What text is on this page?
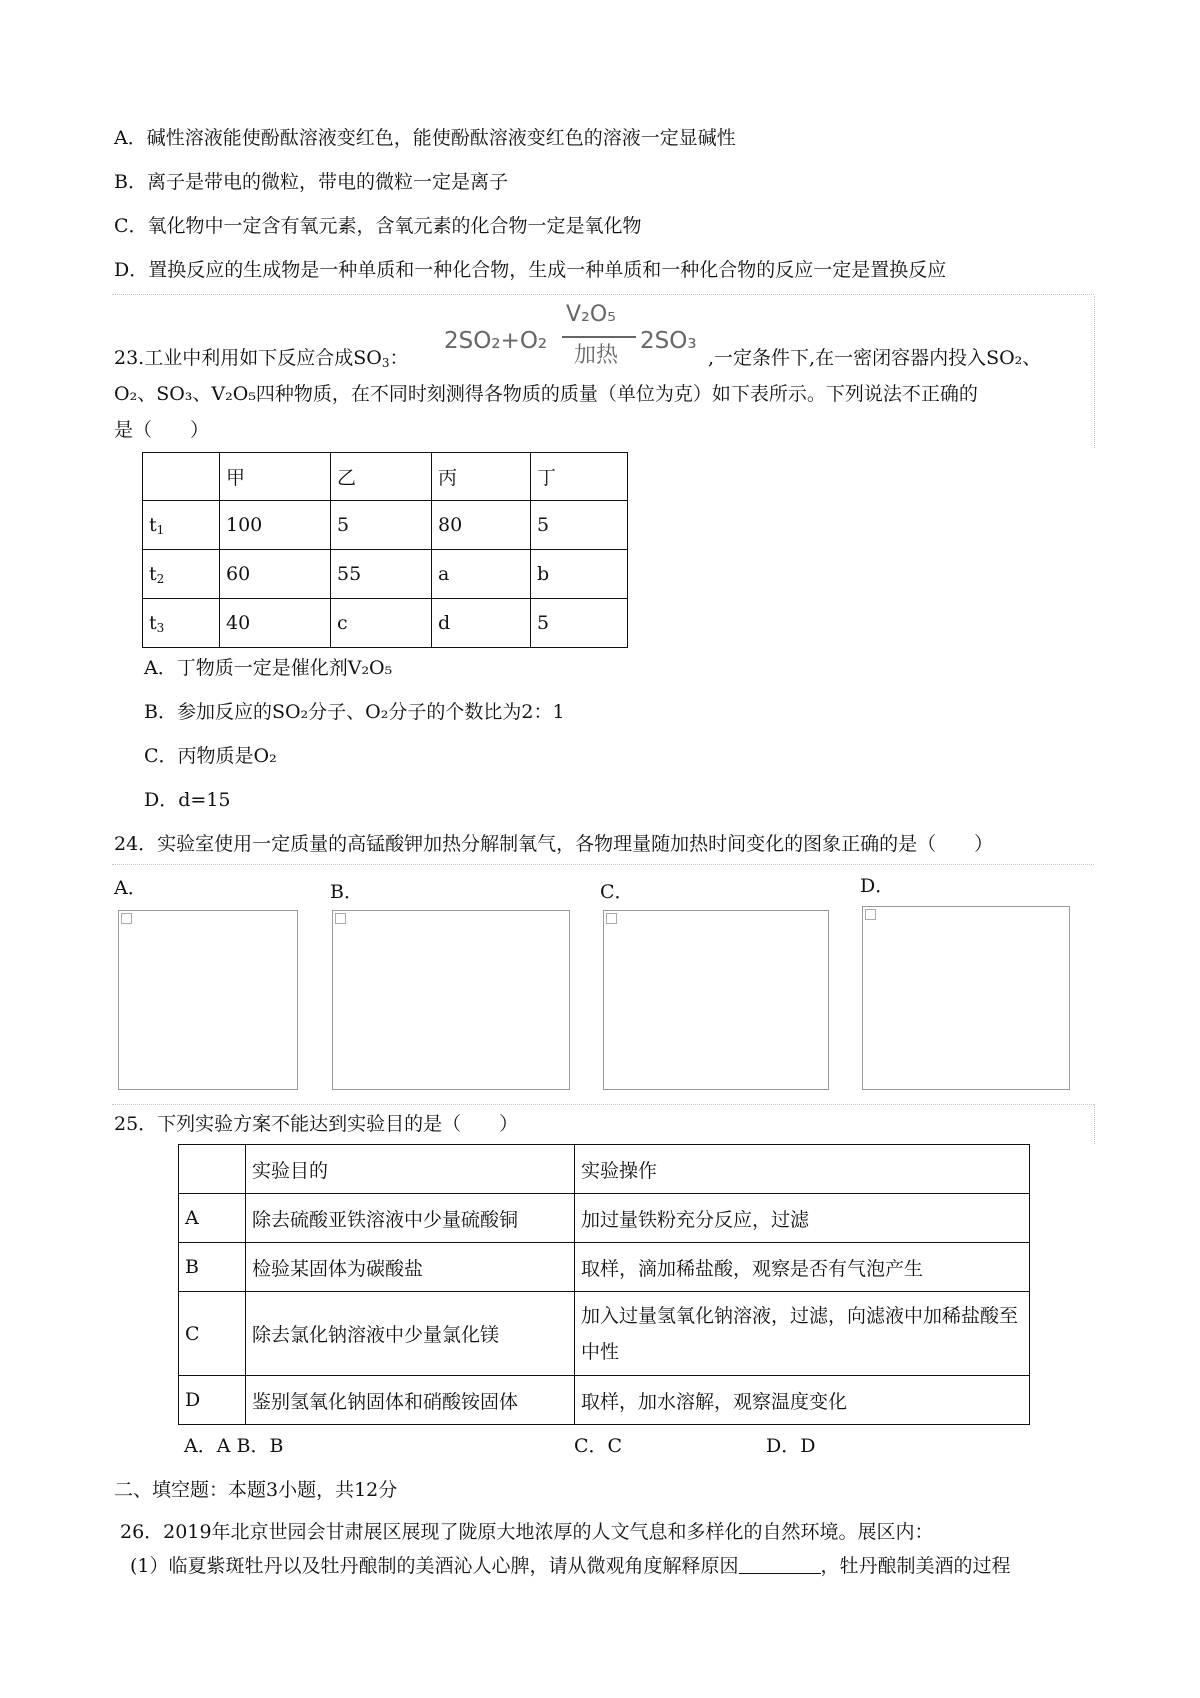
A．碱性溶液能使酚酞溶液变红色，能使酚酞溶液变红色的溶液一定显碱性
B．离子是带电的微粒，带电的微粒一定是离子
C．氧化物中一定含有氧元素，含氧元素的化合物一定是氧化物
D．置换反应的生成物是一种单质和一种化合物，生成一种单质和一种化合物的反应一定是置换反应
23.工业中利用如下反应合成$SO_3$：
2SO₂+O₂
V₂O₅
加热
2SO₃
,一定条件下,在一密闭容器内投入SO₂、
O₂、SO₃、V₂O₅四种物质，在不同时刻测得各物质的质量（单位为克）如下表所示。下列说法不正确的
是（　　）
	甲	乙	丙	丁
$t_1$	100	5	80	5
$t_2$	60	55	a	b
$t_3$	40	c	d	5
A．丁物质一定是催化剂V₂O₅
B．参加反应的SO₂分子、O₂分子的个数比为2：1
C．丙物质是O₂
D．d=15
24．实验室使用一定质量的高锰酸钾加热分解制氧气，各物理量随加热时间变化的图象正确的是（　　）
A．	B．	C．	D．
25．下列实验方案不能达到实验目的是（　　）
	实验目的	实验操作
A	除去硫酸亚铁溶液中少量硫酸铜	加过量铁粉充分反应，过滤
B	检验某固体为碳酸盐	取样，滴加稀盐酸，观察是否有气泡产生
C	除去氯化钠溶液中少量氯化镁	加入过量氢氧化钠溶液，过滤，向滤液中加稀盐酸至中性
D	鉴别氢氧化钠固体和硝酸铵固体	取样，加水溶解，观察温度变化
A．A B．B	C．C	D．D
二、填空题：本题3小题，共12分
26．2019年北京世园会甘肃展区展现了陇原大地浓厚的人文气息和多样化的自然环境。展区内：
(1）临夏紫斑牡丹以及牡丹酿制的美酒沁人心脾，请从微观角度解释原因	，牡丹酿制美酒的过程
